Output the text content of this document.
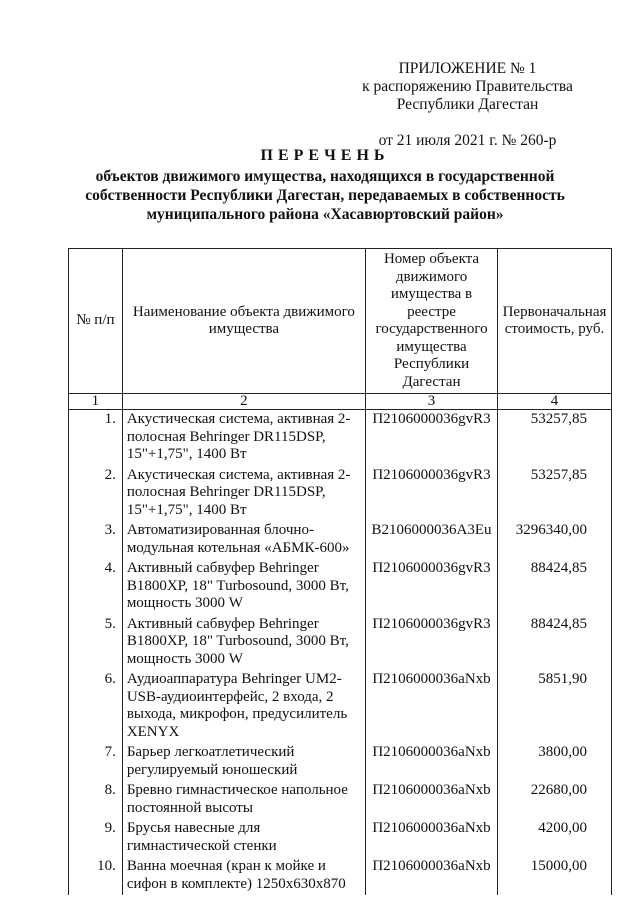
ПРИЛОЖЕНИЕ № 1
к распоряжению Правительства
Республики Дагестан
от 21 июля 2021 г. № 260-р
ПЕРЕЧЕНЬ
объектов движимого имущества, находящихся в государственной
собственности Республики Дагестан, передаваемых в собственность
муниципального района «Хасавюртовский район»
№ п/п	Наименование объекта движимого имущества	Номер объекта движимого имущества в реестре государственного имущества Республики Дагестан	Первоначальная стоимость, руб.
1	2	3	4
1.	Акустическая система, активная 2-полосная Behringer DR115DSP, 15"+1,75", 1400 Вт	П2106000036gvR3	53257,85
2.	Акустическая система, активная 2-полосная Behringer DR115DSP, 15"+1,75", 1400 Вт	П2106000036gvR3	53257,85
3.	Автоматизированная блочно-модульная котельная «АБМК-600»	В2106000036А3Еu	3296340,00
4.	Активный сабвуфер Behringer B1800XP, 18" Turbosound, 3000 Вт, мощность 3000 W	П2106000036gvR3	88424,85
5.	Активный сабвуфер Behringer B1800XP, 18" Turbosound, 3000 Вт, мощность 3000 W	П2106000036gvR3	88424,85
6.	Аудиоаппаратура Behringer UM2-USB-аудиоинтерфейс, 2 входа, 2 выхода, микрофон, предусилитель XENYX	П2106000036aNxb	5851,90
7.	Барьер легкоатлетический регулируемый юношеский	П2106000036aNxb	3800,00
8.	Бревно гимнастическое напольное постоянной высоты	П2106000036aNxb	22680,00
9.	Брусья навесные для гимнастической стенки	П2106000036aNxb	4200,00
10.	Ванна моечная (кран к мойке и сифон в комплекте) 1250х630х870	П2106000036aNxb	15000,00
